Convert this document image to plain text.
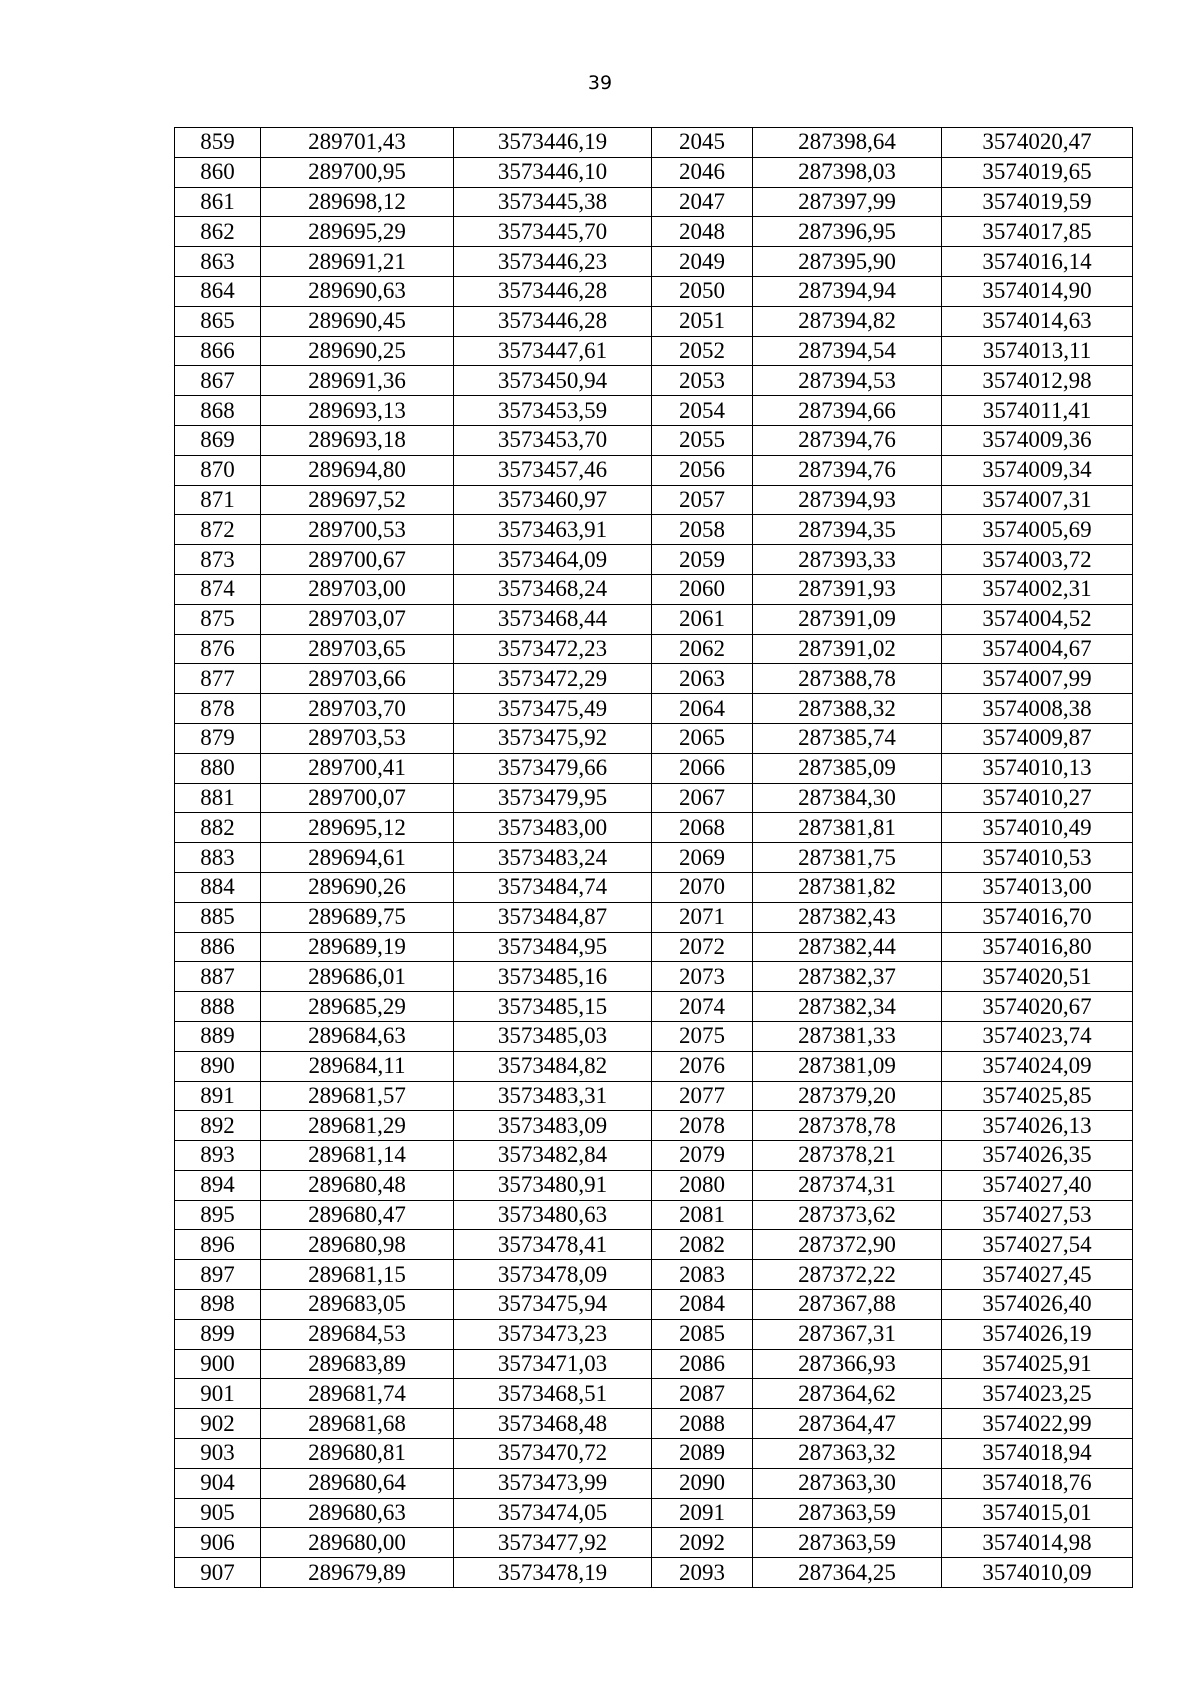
39
859	289701,43	3573446,19	2045	287398,64	3574020,47
860	289700,95	3573446,10	2046	287398,03	3574019,65
861	289698,12	3573445,38	2047	287397,99	3574019,59
862	289695,29	3573445,70	2048	287396,95	3574017,85
863	289691,21	3573446,23	2049	287395,90	3574016,14
864	289690,63	3573446,28	2050	287394,94	3574014,90
865	289690,45	3573446,28	2051	287394,82	3574014,63
866	289690,25	3573447,61	2052	287394,54	3574013,11
867	289691,36	3573450,94	2053	287394,53	3574012,98
868	289693,13	3573453,59	2054	287394,66	3574011,41
869	289693,18	3573453,70	2055	287394,76	3574009,36
870	289694,80	3573457,46	2056	287394,76	3574009,34
871	289697,52	3573460,97	2057	287394,93	3574007,31
872	289700,53	3573463,91	2058	287394,35	3574005,69
873	289700,67	3573464,09	2059	287393,33	3574003,72
874	289703,00	3573468,24	2060	287391,93	3574002,31
875	289703,07	3573468,44	2061	287391,09	3574004,52
876	289703,65	3573472,23	2062	287391,02	3574004,67
877	289703,66	3573472,29	2063	287388,78	3574007,99
878	289703,70	3573475,49	2064	287388,32	3574008,38
879	289703,53	3573475,92	2065	287385,74	3574009,87
880	289700,41	3573479,66	2066	287385,09	3574010,13
881	289700,07	3573479,95	2067	287384,30	3574010,27
882	289695,12	3573483,00	2068	287381,81	3574010,49
883	289694,61	3573483,24	2069	287381,75	3574010,53
884	289690,26	3573484,74	2070	287381,82	3574013,00
885	289689,75	3573484,87	2071	287382,43	3574016,70
886	289689,19	3573484,95	2072	287382,44	3574016,80
887	289686,01	3573485,16	2073	287382,37	3574020,51
888	289685,29	3573485,15	2074	287382,34	3574020,67
889	289684,63	3573485,03	2075	287381,33	3574023,74
890	289684,11	3573484,82	2076	287381,09	3574024,09
891	289681,57	3573483,31	2077	287379,20	3574025,85
892	289681,29	3573483,09	2078	287378,78	3574026,13
893	289681,14	3573482,84	2079	287378,21	3574026,35
894	289680,48	3573480,91	2080	287374,31	3574027,40
895	289680,47	3573480,63	2081	287373,62	3574027,53
896	289680,98	3573478,41	2082	287372,90	3574027,54
897	289681,15	3573478,09	2083	287372,22	3574027,45
898	289683,05	3573475,94	2084	287367,88	3574026,40
899	289684,53	3573473,23	2085	287367,31	3574026,19
900	289683,89	3573471,03	2086	287366,93	3574025,91
901	289681,74	3573468,51	2087	287364,62	3574023,25
902	289681,68	3573468,48	2088	287364,47	3574022,99
903	289680,81	3573470,72	2089	287363,32	3574018,94
904	289680,64	3573473,99	2090	287363,30	3574018,76
905	289680,63	3573474,05	2091	287363,59	3574015,01
906	289680,00	3573477,92	2092	287363,59	3574014,98
907	289679,89	3573478,19	2093	287364,25	3574010,09
